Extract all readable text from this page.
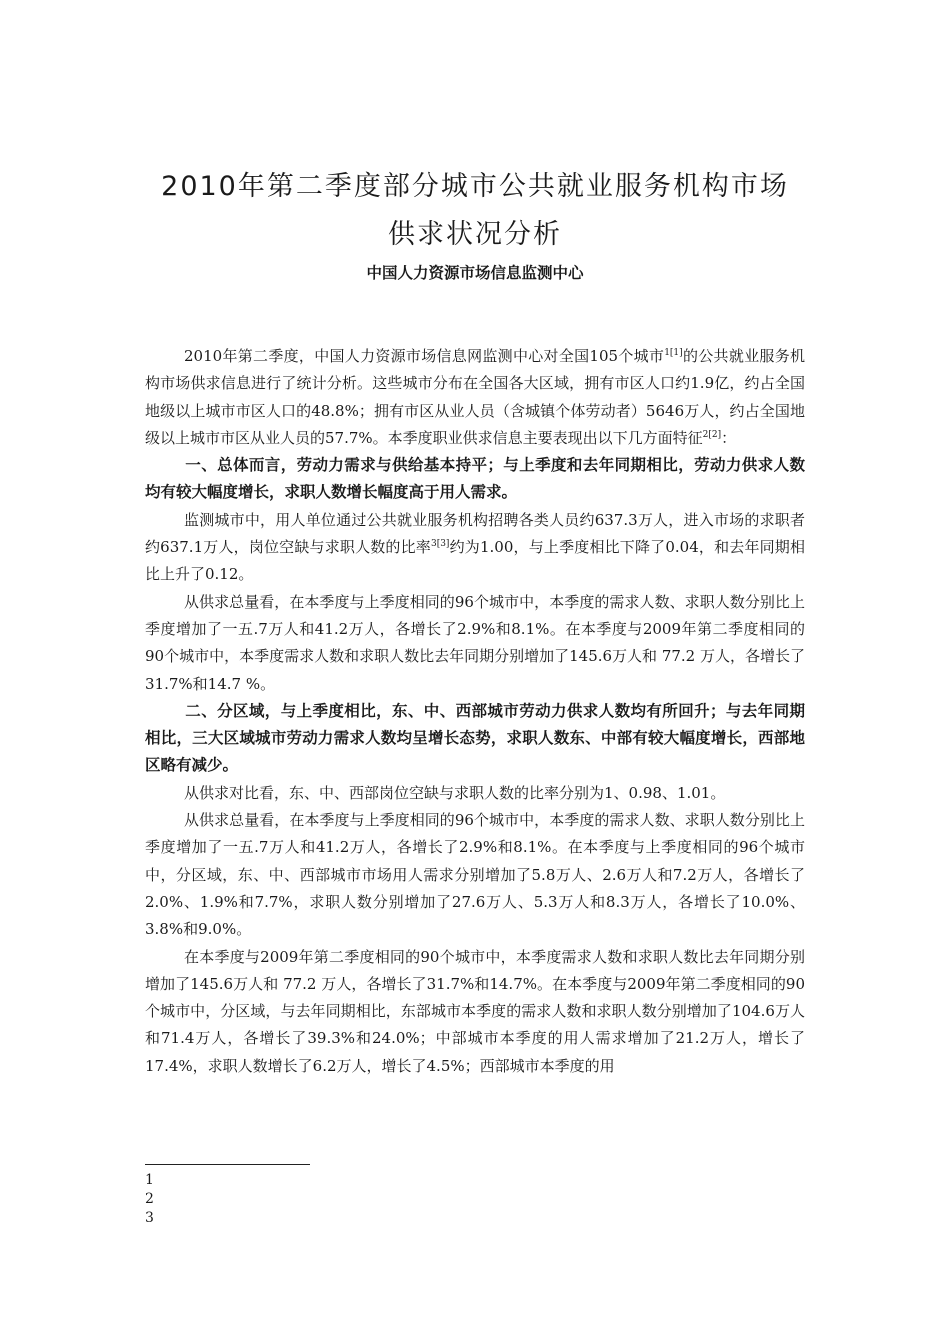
2010年第二季度部分城市公共就业服务机构市场
供求状况分析
中国人力资源市场信息监测中心

2010年第二季度，中国人力资源市场信息网监测中心对全国105个城市$^{1[1]}$的公共就业服务机构市场供求信息进行了统计分析。这些城市分布在全国各大区域，拥有市区人口约1.9亿，约占全国地级以上城市市区人口的48.8%；拥有市区从业人员（含城镇个体劳动者）5646万人，约占全国地级以上城市市区从业人员的57.7%。本季度职业供求信息主要表现出以下几方面特征$^{2[2]}$：

一、总体而言，劳动力需求与供给基本持平；与上季度和去年同期相比，劳动力供求人数均有较大幅度增长，求职人数增长幅度高于用人需求。

监测城市中，用人单位通过公共就业服务机构招聘各类人员约637.3万人，进入市场的求职者约637.1万人，岗位空缺与求职人数的比率$^{3[3]}$约为1.00，与上季度相比下降了0.04，和去年同期相比上升了0.12。

从供求总量看，在本季度与上季度相同的96个城市中，本季度的需求人数、求职人数分别比上季度增加了一五.7万人和41.2万人，各增长了2.9%和8.1%。在本季度与2009年第二季度相同的90个城市中，本季度需求人数和求职人数比去年同期分别增加了145.6万人和 77.2 万人，各增长了31.7%和14.7 %。

二、分区域，与上季度相比，东、中、西部城市劳动力供求人数均有所回升；与去年同期相比，三大区域城市劳动力需求人数均呈增长态势，求职人数东、中部有较大幅度增长，西部地区略有减少。

从供求对比看，东、中、西部岗位空缺与求职人数的比率分别为1、0.98、1.01。

从供求总量看，在本季度与上季度相同的96个城市中，本季度的需求人数、求职人数分别比上季度增加了一五.7万人和41.2万人，各增长了2.9%和8.1%。在本季度与上季度相同的96个城市中，分区域，东、中、西部城市市场用人需求分别增加了5.8万人、2.6万人和7.2万人，各增长了2.0%、1.9%和7.7%，求职人数分别增加了27.6万人、5.3万人和8.3万人，各增长了10.0%、3.8%和9.0%。

在本季度与2009年第二季度相同的90个城市中，本季度需求人数和求职人数比去年同期分别增加了145.6万人和 77.2 万人，各增长了31.7%和14.7%。在本季度与2009年第二季度相同的90个城市中，分区域，与去年同期相比，东部城市本季度的需求人数和求职人数分别增加了104.6万人和71.4万人，各增长了39.3%和24.0%；中部城市本季度的用人需求增加了21.2万人，增长了17.4%，求职人数增长了6.2万人，增长了4.5%；西部城市本季度的用

1
2
3
